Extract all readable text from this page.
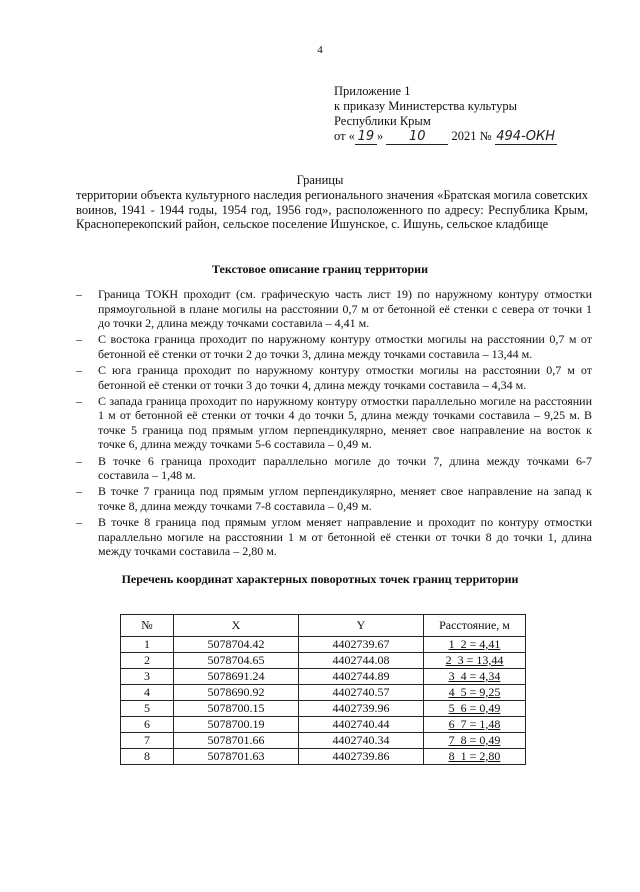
4
Приложение 1
к приказу Министерства культуры
Республики Крым
от « 19 » 10 2021 № 494-ОКН
Границы
территории объекта культурного наследия регионального значения «Братская могила советских воинов, 1941 - 1944 годы, 1954 год, 1956 год», расположенного по адресу: Республика Крым, Красноперекопский район, сельское поселение Ишунское, с. Ишунь, сельское кладбище
Текстовое описание границ территории
– Граница ТОКН проходит (см. графическую часть лист 19) по наружному контуру отмостки прямоугольной в плане могилы на расстоянии 0,7 м от бетонной её стенки с севера от точки 1 до точки 2, длина между точками составила – 4,41 м.
– С востока граница проходит по наружному контуру отмостки могилы на расстоянии 0,7 м от бетонной её стенки от точки 2 до точки 3, длина между точками составила – 13,44 м.
– С юга граница проходит по наружному контуру отмостки могилы на расстоянии 0,7 м от бетонной её стенки от точки 3 до точки 4, длина между точками составила – 4,34 м.
– С запада граница проходит по наружному контуру отмостки параллельно могиле на расстоянии 1 м от бетонной её стенки от точки 4 до точки 5, длина между точками составила – 9,25 м. В точке 5 граница под прямым углом перпендикулярно, меняет свое направление на восток к точке 6, длина между точками 5-6 составила – 0,49 м.
– В точке 6 граница проходит параллельно могиле до точки 7, длина между точками 6-7 составила – 1,48 м.
– В точке 7 граница под прямым углом перпендикулярно, меняет свое направление на запад к точке 8, длина между точками 7-8 составила – 0,49 м.
– В точке 8 граница под прямым углом меняет направление и проходит по контуру отмостки параллельно могиле на расстоянии 1 м от бетонной её стенки от точки 8 до точки 1, длина между точками составила – 2,80 м.
Перечень координат характерных поворотных точек границ территории
№	X	Y	Расстояние, м
1	5078704.42	4402739.67	1_2 = 4,41
2	5078704.65	4402744.08	2_3 = 13,44
3	5078691.24	4402744.89	3_4 = 4,34
4	5078690.92	4402740.57	4_5 = 9,25
5	5078700.15	4402739.96	5_6 = 0,49
6	5078700.19	4402740.44	6_7 = 1,48
7	5078701.66	4402740.34	7_8 = 0,49
8	5078701.63	4402739.86	8_1 = 2,80
